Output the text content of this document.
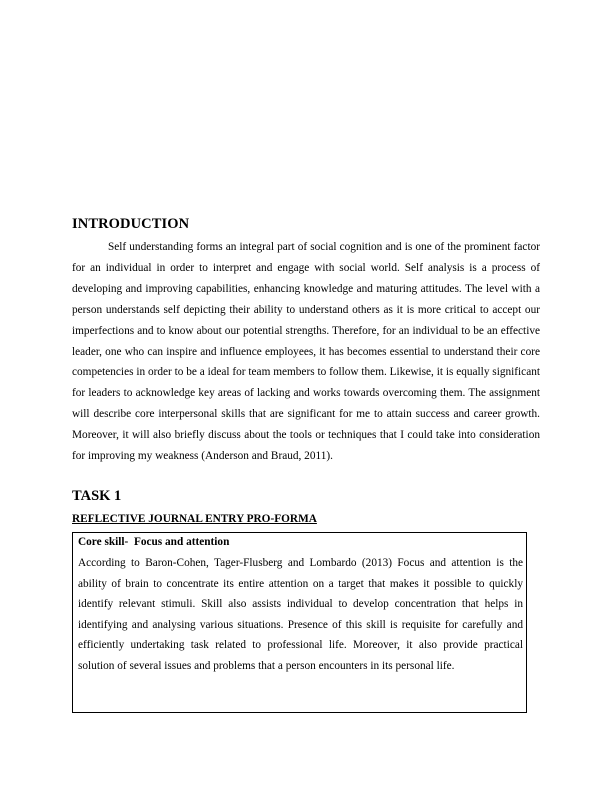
INTRODUCTION

Self understanding forms an integral part of social cognition and is one of the prominent factor for an individual in order to interpret and engage with social world. Self analysis is a process of developing and improving capabilities, enhancing knowledge and maturing attitudes. The level with a person understands self depicting their ability to understand others as it is more critical to accept our imperfections and to know about our potential strengths. Therefore, for an individual to be an effective leader, one who can inspire and influence employees, it has becomes essential to understand their core competencies in order to be a ideal for team members to follow them. Likewise, it is equally significant for leaders to acknowledge key areas of lacking and works towards overcoming them. The assignment will describe core interpersonal skills that are significant for me to attain success and career growth. Moreover, it will also briefly discuss about the tools or techniques that I could take into consideration for improving my weakness (Anderson and Braud, 2011).

TASK 1
REFLECTIVE JOURNAL ENTRY PRO-FORMA
Core skill-  Focus and attention

According to Baron-Cohen, Tager-Flusberg and Lombardo (2013) Focus and attention is the ability of brain to concentrate its entire attention on a target that makes it possible to quickly identify relevant stimuli. Skill also assists individual to develop concentration that helps in identifying and analysing various situations. Presence of this skill is requisite for carefully and efficiently undertaking task related to professional life. Moreover, it also provide practical solution of several issues and problems that a person encounters in its personal life.
